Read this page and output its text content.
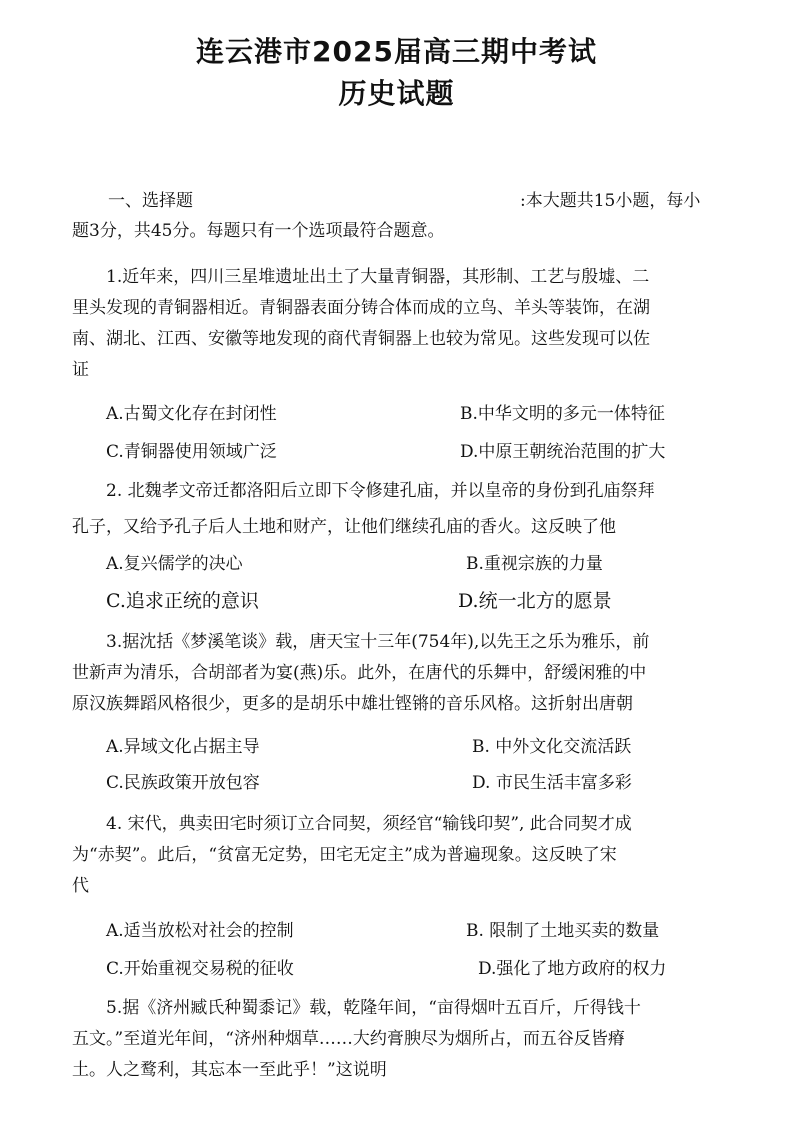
连云港市2025届高三期中考试
历史试题
一、选择题	:本大题共15小题，每小
题3分，共45分。每题只有一个选项最符合题意。
1.近年来，四川三星堆遗址出土了大量青铜器，其形制、工艺与殷墟、二
里头发现的青铜器相近。青铜器表面分铸合体而成的立鸟、羊头等装饰，在湖
南、湖北、江西、安徽等地发现的商代青铜器上也较为常见。这些发现可以佐
证
A.古蜀文化存在封闭性	B.中华文明的多元一体特征
C.青铜器使用领域广泛	D.中原王朝统治范围的扩大
2. 北魏孝文帝迁都洛阳后立即下令修建孔庙，并以皇帝的身份到孔庙祭拜
孔子，又给予孔子后人土地和财产，让他们继续孔庙的香火。这反映了他
A.复兴儒学的决心	B.重视宗族的力量
C.追求正统的意识	D.统一北方的愿景
3.据沈括《梦溪笔谈》载，唐天宝十三年(754年),以先王之乐为雅乐，前
世新声为清乐，合胡部者为宴(燕)乐。此外，在唐代的乐舞中，舒缓闲雅的中
原汉族舞蹈风格很少，更多的是胡乐中雄壮铿锵的音乐风格。这折射出唐朝
A.异域文化占据主导	B. 中外文化交流活跃
C.民族政策开放包容	D. 市民生活丰富多彩
4. 宋代，典卖田宅时须订立合同契，须经官“输钱印契”, 此合同契才成
为“赤契”。此后，“贫富无定势，田宅无定主”成为普遍现象。这反映了宋
代
A.适当放松对社会的控制	B. 限制了土地买卖的数量
C.开始重视交易税的征收	D.强化了地方政府的权力
5.据《济州臧氏种蜀黍记》载，乾隆年间，“亩得烟叶五百斤，斤得钱十
五文。”至道光年间，“济州种烟草……大约膏腴尽为烟所占，而五谷反皆瘠
土。人之鹜利，其忘本一至此乎！”这说明
